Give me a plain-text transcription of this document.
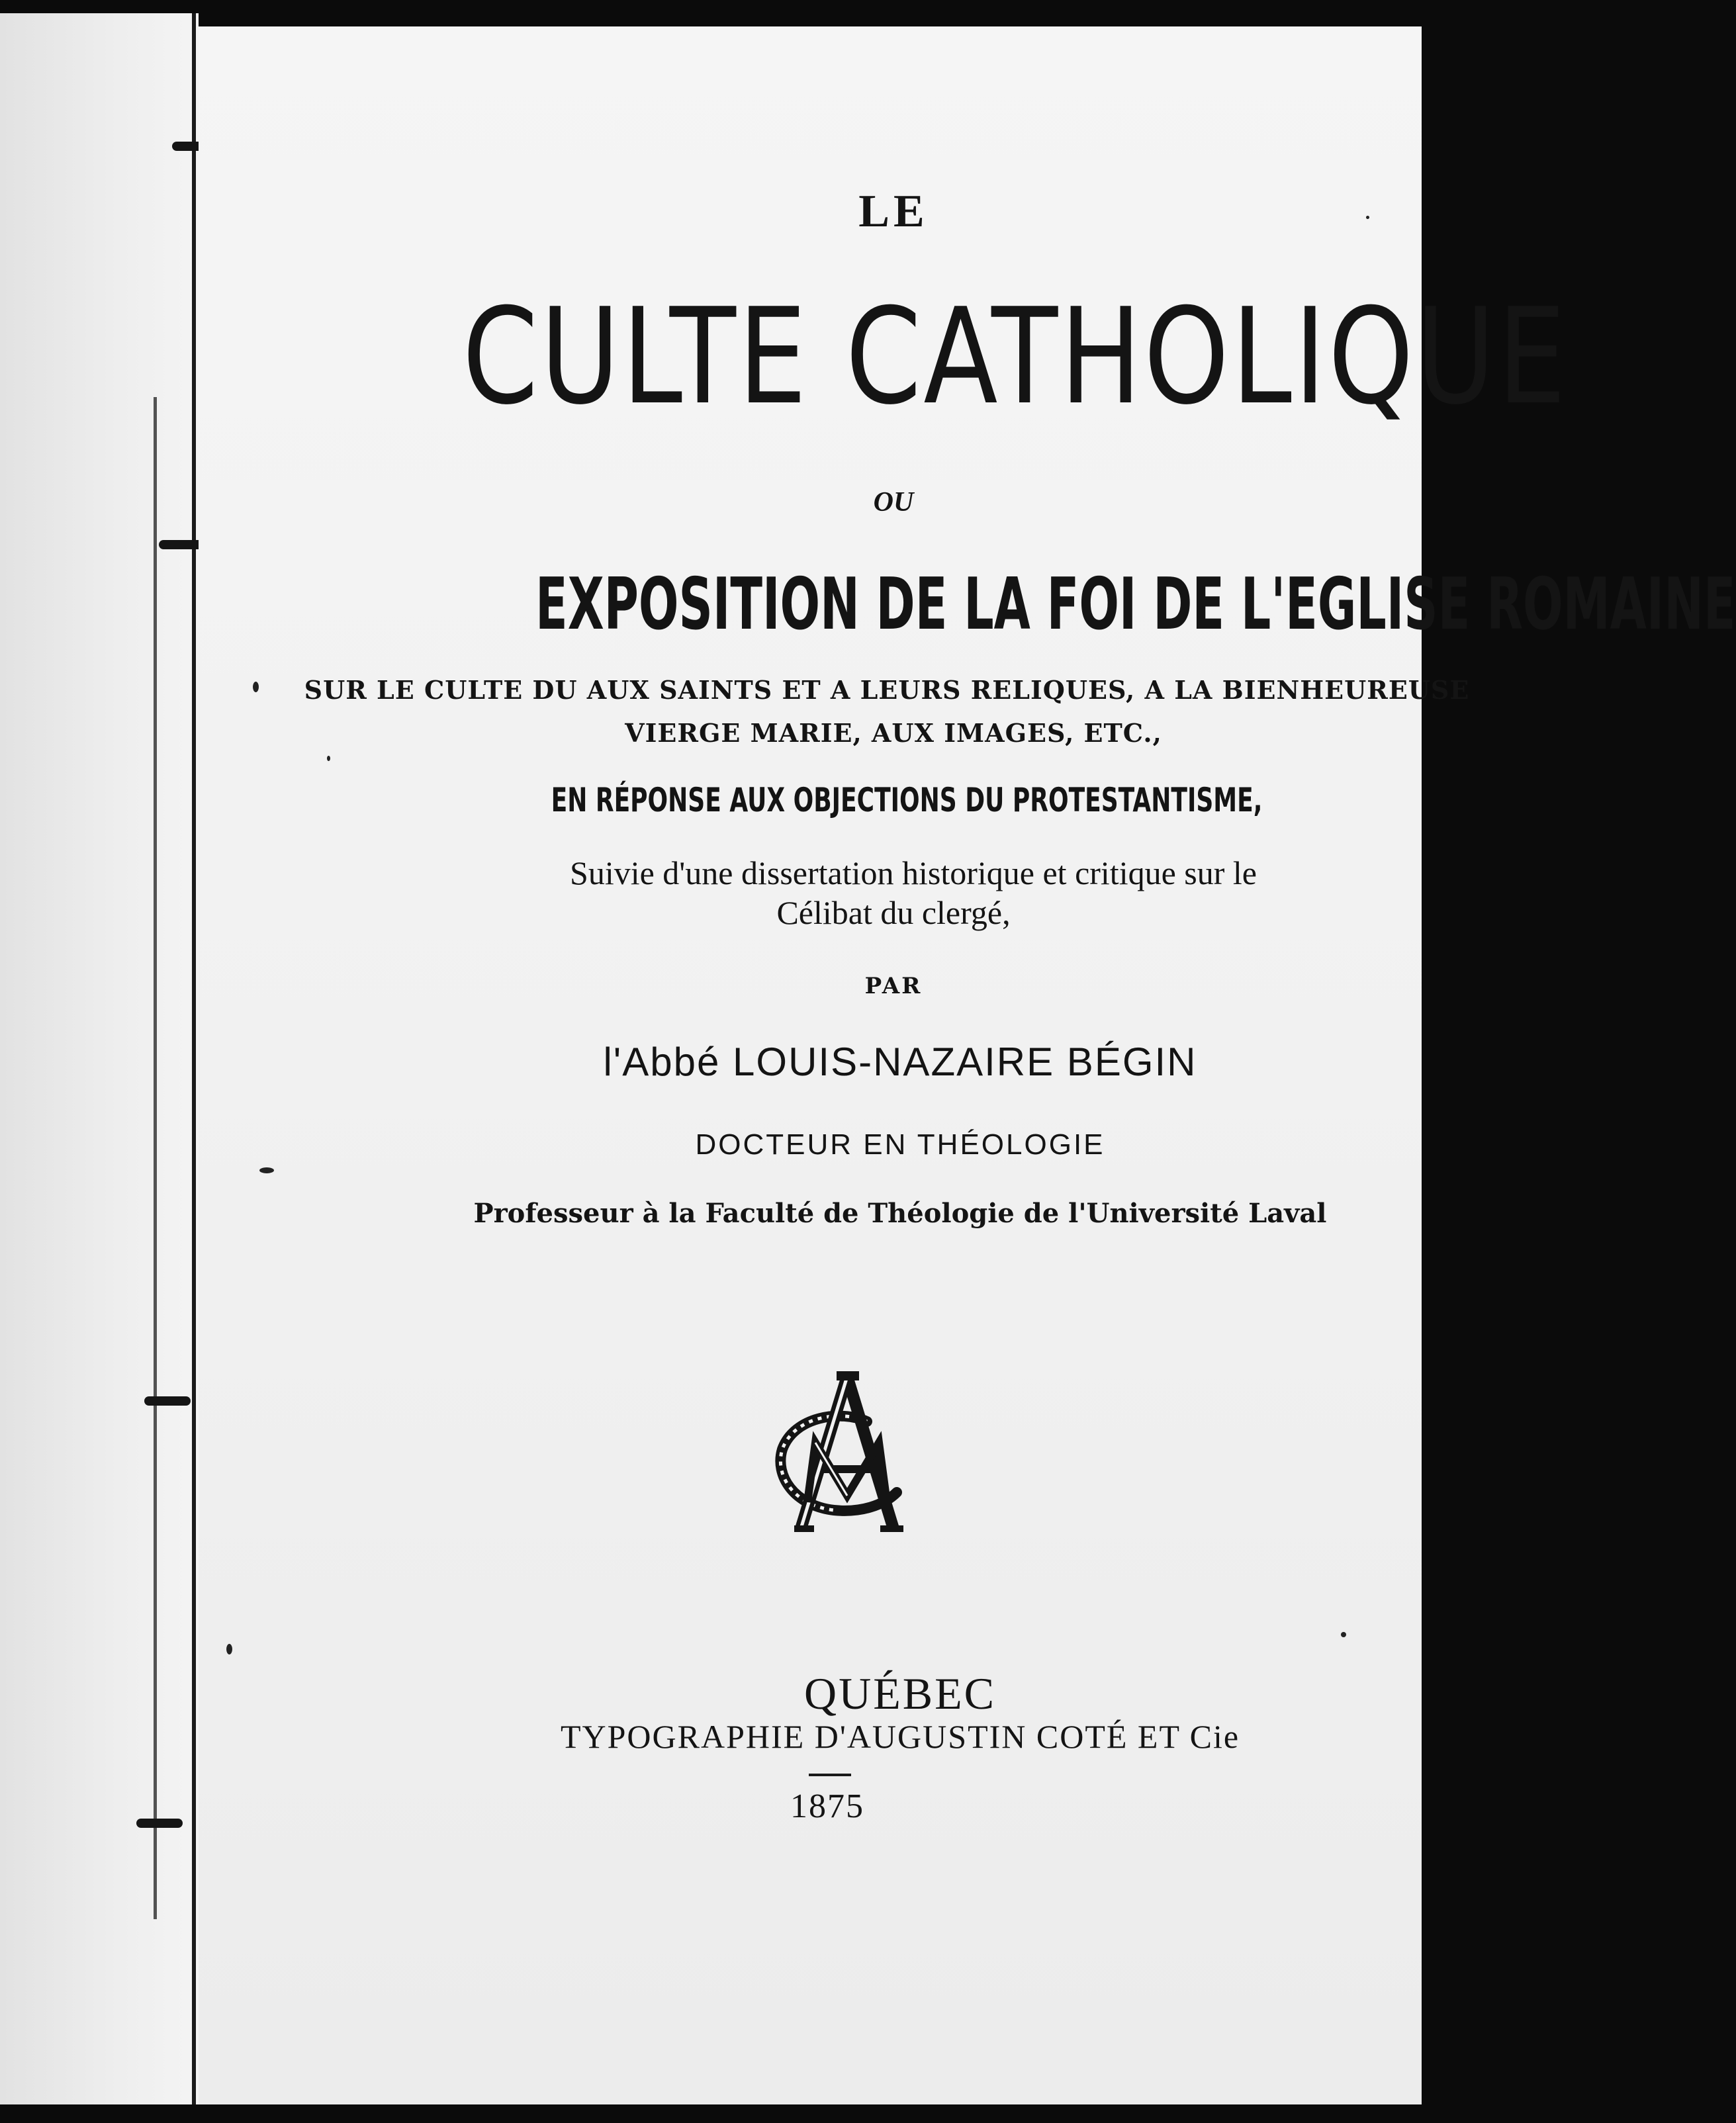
LE
CULTE CATHOLIQUE
OU
EXPOSITION DE LA FOI DE L'EGLISE ROMAINE
SUR LE CULTE DU AUX SAINTS ET A LEURS RELIQUES, A LA BIENHEUREUSE
VIERGE MARIE, AUX IMAGES, ETC.,
EN RÉPONSE AUX OBJECTIONS DU PROTESTANTISME,
Suivie d'une dissertation historique et critique sur le
Célibat du clergé,
PAR
l'Abbé LOUIS-NAZAIRE BÉGIN
DOCTEUR EN THÉOLOGIE
Professeur à la Faculté de Théologie de l'Université Laval
QUÉBEC
TYPOGRAPHIE D'AUGUSTIN COTÉ ET Cie
1875
